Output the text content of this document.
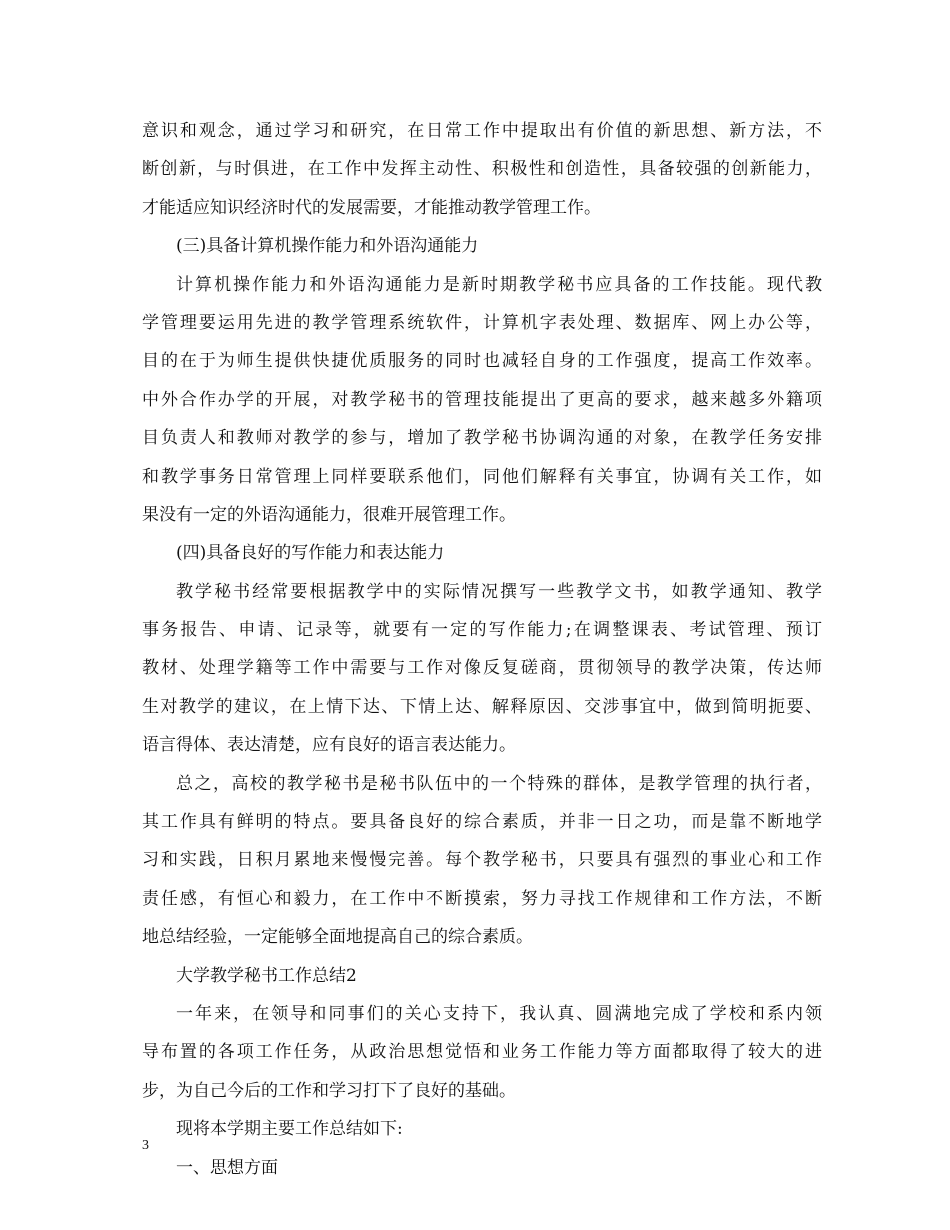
意识和观念，通过学习和研究，在日常工作中提取出有价值的新思想、新方法，不
断创新，与时俱进，在工作中发挥主动性、积极性和创造性，具备较强的创新能力，
才能适应知识经济时代的发展需要，才能推动教学管理工作。
(三)具备计算机操作能力和外语沟通能力
计算机操作能力和外语沟通能力是新时期教学秘书应具备的工作技能。现代教
学管理要运用先进的教学管理系统软件，计算机字表处理、数据库、网上办公等，
目的在于为师生提供快捷优质服务的同时也减轻自身的工作强度，提高工作效率。
中外合作办学的开展，对教学秘书的管理技能提出了更高的要求，越来越多外籍项
目负责人和教师对教学的参与，增加了教学秘书协调沟通的对象，在教学任务安排
和教学事务日常管理上同样要联系他们，同他们解释有关事宜，协调有关工作，如
果没有一定的外语沟通能力，很难开展管理工作。
(四)具备良好的写作能力和表达能力
教学秘书经常要根据教学中的实际情况撰写一些教学文书，如教学通知、教学
事务报告、申请、记录等，就要有一定的写作能力;在调整课表、考试管理、预订
教材、处理学籍等工作中需要与工作对像反复磋商，贯彻领导的教学决策，传达师
生对教学的建议，在上情下达、下情上达、解释原因、交涉事宜中，做到简明扼要、
语言得体、表达清楚，应有良好的语言表达能力。
总之，高校的教学秘书是秘书队伍中的一个特殊的群体，是教学管理的执行者，
其工作具有鲜明的特点。要具备良好的综合素质，并非一日之功，而是靠不断地学
习和实践，日积月累地来慢慢完善。每个教学秘书，只要具有强烈的事业心和工作
责任感，有恒心和毅力，在工作中不断摸索，努力寻找工作规律和工作方法，不断
地总结经验，一定能够全面地提高自己的综合素质。
大学教学秘书工作总结2
一年来，在领导和同事们的关心支持下，我认真、圆满地完成了学校和系内领
导布置的各项工作任务，从政治思想觉悟和业务工作能力等方面都取得了较大的进
步，为自己今后的工作和学习打下了良好的基础。
现将本学期主要工作总结如下:
一、思想方面
3
